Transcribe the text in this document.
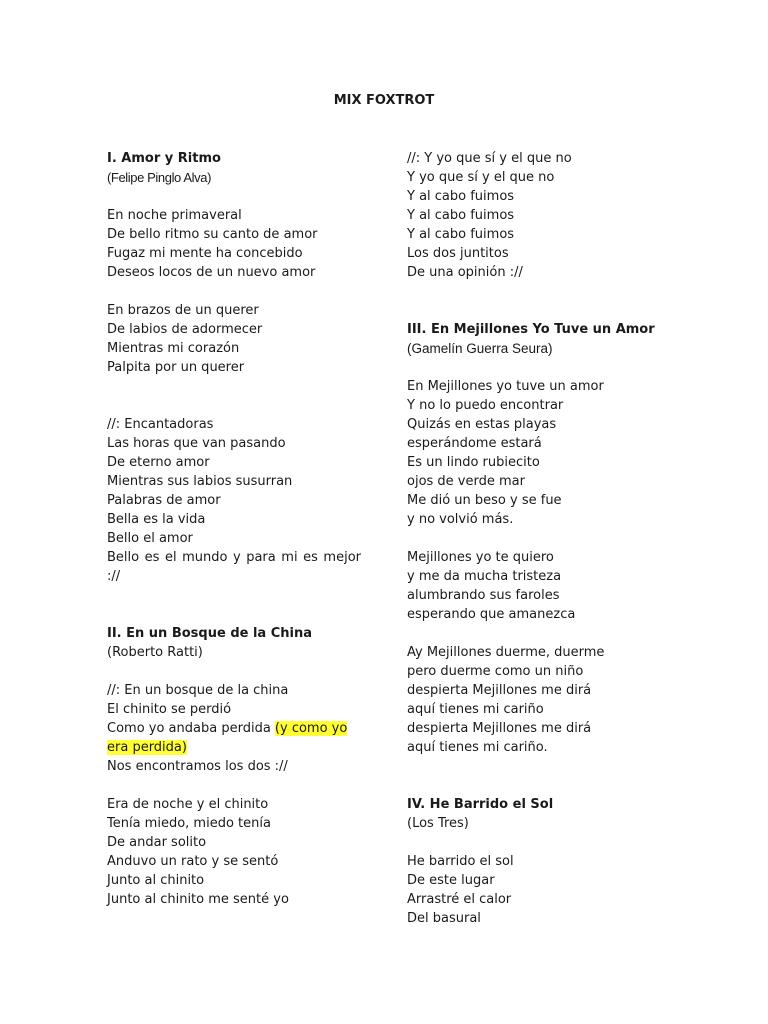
MIX FOXTROT
I. Amor y Ritmo
(Felipe Pinglo Alva)
En noche primaveral
De bello ritmo su canto de amor
Fugaz mi mente ha concebido
Deseos locos de un nuevo amor
En brazos de un querer
De labios de adormecer
Mientras mi corazón
Palpita por un querer
//: Encantadoras
Las horas que van pasando
De eterno amor
Mientras sus labios susurran
Palabras de amor
Bella es la vida
Bello el amor
Bello es el mundo y para mi es mejor ://
II. En un Bosque de la China
(Roberto Ratti)
//: En un bosque de la china
El chinito se perdió
Como yo andaba perdida (y como yo era perdida)
Nos encontramos los dos ://
Era de noche y el chinito
Tenía miedo, miedo tenía
De andar solito
Anduvo un rato y se sentó
Junto al chinito
Junto al chinito me senté yo
//: Y yo que sí y el que no
Y yo que sí y el que no
Y al cabo fuimos
Y al cabo fuimos
Y al cabo fuimos
Los dos juntitos
De una opinión ://
III. En Mejillones Yo Tuve un Amor
(Gamelín Guerra Seura)
En Mejillones yo tuve un amor
Y no lo puedo encontrar
Quizás en estas playas
esperándome estará
Es un lindo rubiecito
ojos de verde mar
Me dió un beso y se fue
y no volvió más.
Mejillones yo te quiero
y me da mucha tristeza
alumbrando sus faroles
esperando que amanezca
Ay Mejillones duerme, duerme
pero duerme como un niño
despierta Mejillones me dirá
aquí tienes mi cariño
despierta Mejillones me dirá
aquí tienes mi cariño.
IV. He Barrido el Sol
(Los Tres)
He barrido el sol
De este lugar
Arrastré el calor
Del basural
